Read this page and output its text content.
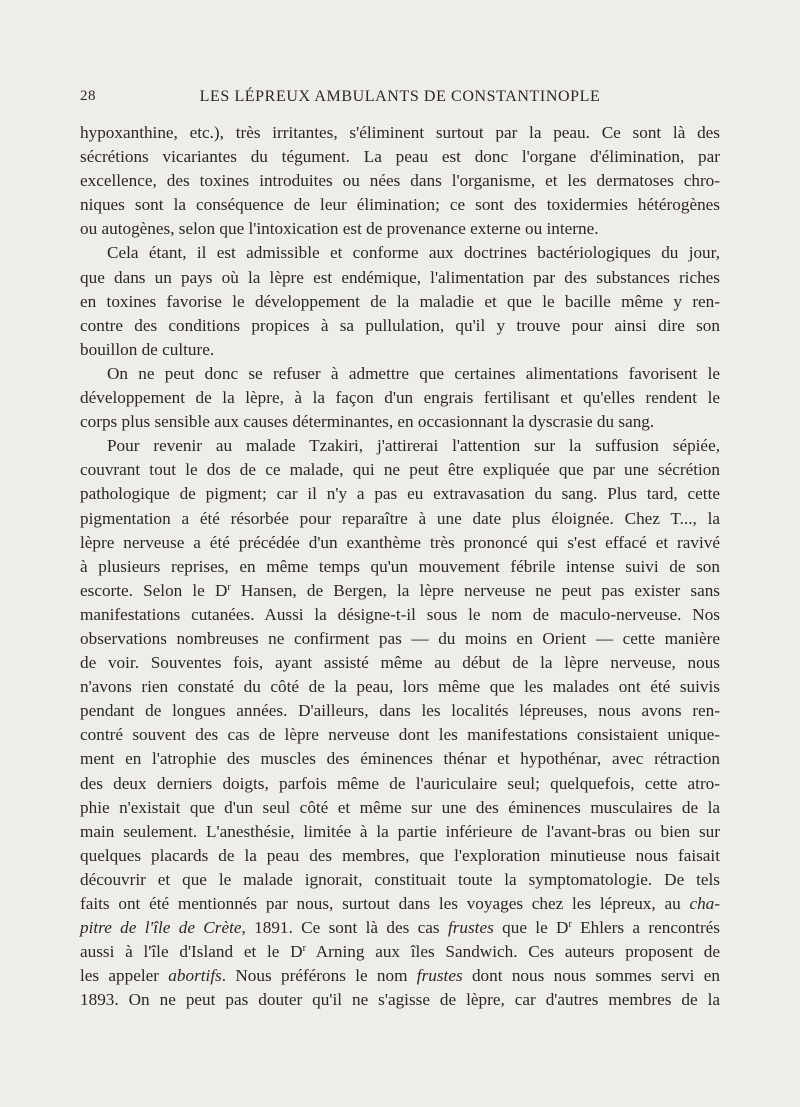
28	LES LÉPREUX AMBULANTS DE CONSTANTINOPLE
hypoxanthine, etc.), très irritantes, s'éliminent surtout par la peau. Ce sont là des
sécrétions vicariantes du tégument. La peau est donc l'organe d'élimination, par
excellence, des toxines introduites ou nées dans l'organisme, et les dermatoses chro-
niques sont la conséquence de leur élimination; ce sont des toxidermies hétérogènes
ou autogènes, selon que l'intoxication est de provenance externe ou interne.
Cela étant, il est admissible et conforme aux doctrines bactériologiques du jour,
que dans un pays où la lèpre est endémique, l'alimentation par des substances riches
en toxines favorise le développement de la maladie et que le bacille même y ren-
contre des conditions propices à sa pullulation, qu'il y trouve pour ainsi dire son
bouillon de culture.
On ne peut donc se refuser à admettre que certaines alimentations favorisent le
développement de la lèpre, à la façon d'un engrais fertilisant et qu'elles rendent le
corps plus sensible aux causes déterminantes, en occasionnant la dyscrasie du sang.
Pour revenir au malade Tzakiri, j'attirerai l'attention sur la suffusion sépiée,
couvrant tout le dos de ce malade, qui ne peut être expliquée que par une sécrétion
pathologique de pigment; car il n'y a pas eu extravasation du sang. Plus tard, cette
pigmentation a été résorbée pour reparaître à une date plus éloignée. Chez T..., la
lèpre nerveuse a été précédée d'un exanthème très prononcé qui s'est effacé et ravivé
à plusieurs reprises, en même temps qu'un mouvement fébrile intense suivi de son
escorte. Selon le $D^r$ Hansen, de Bergen, la lèpre nerveuse ne peut pas exister sans
manifestations cutanées. Aussi la désigne-t-il sous le nom de maculo-nerveuse. Nos
observations nombreuses ne confirment pas — du moins en Orient — cette manière
de voir. Souventes fois, ayant assisté même au début de la lèpre nerveuse, nous
n'avons rien constaté du côté de la peau, lors même que les malades ont été suivis
pendant de longues années. D'ailleurs, dans les localités lépreuses, nous avons ren-
contré souvent des cas de lèpre nerveuse dont les manifestations consistaient unique-
ment en l'atrophie des muscles des éminences thénar et hypothénar, avec rétraction
des deux derniers doigts, parfois même de l'auriculaire seul; quelquefois, cette atro-
phie n'existait que d'un seul côté et même sur une des éminences musculaires de la
main seulement. L'anesthésie, limitée à la partie inférieure de l'avant-bras ou bien sur
quelques placards de la peau des membres, que l'exploration minutieuse nous faisait
découvrir et que le malade ignorait, constituait toute la symptomatologie. De tels
faits ont été mentionnés par nous, surtout dans les voyages chez les lépreux, au cha-
pitre de l'île de Crète, 1891. Ce sont là des cas frustes que le $D^r$ Ehlers a rencontrés
aussi à l'île d'Island et le $D^r$ Arning aux îles Sandwich. Ces auteurs proposent de
les appeler abortifs. Nous préférons le nom frustes dont nous nous sommes servi en
1893. On ne peut pas douter qu'il ne s'agisse de lèpre, car d'autres membres de la
